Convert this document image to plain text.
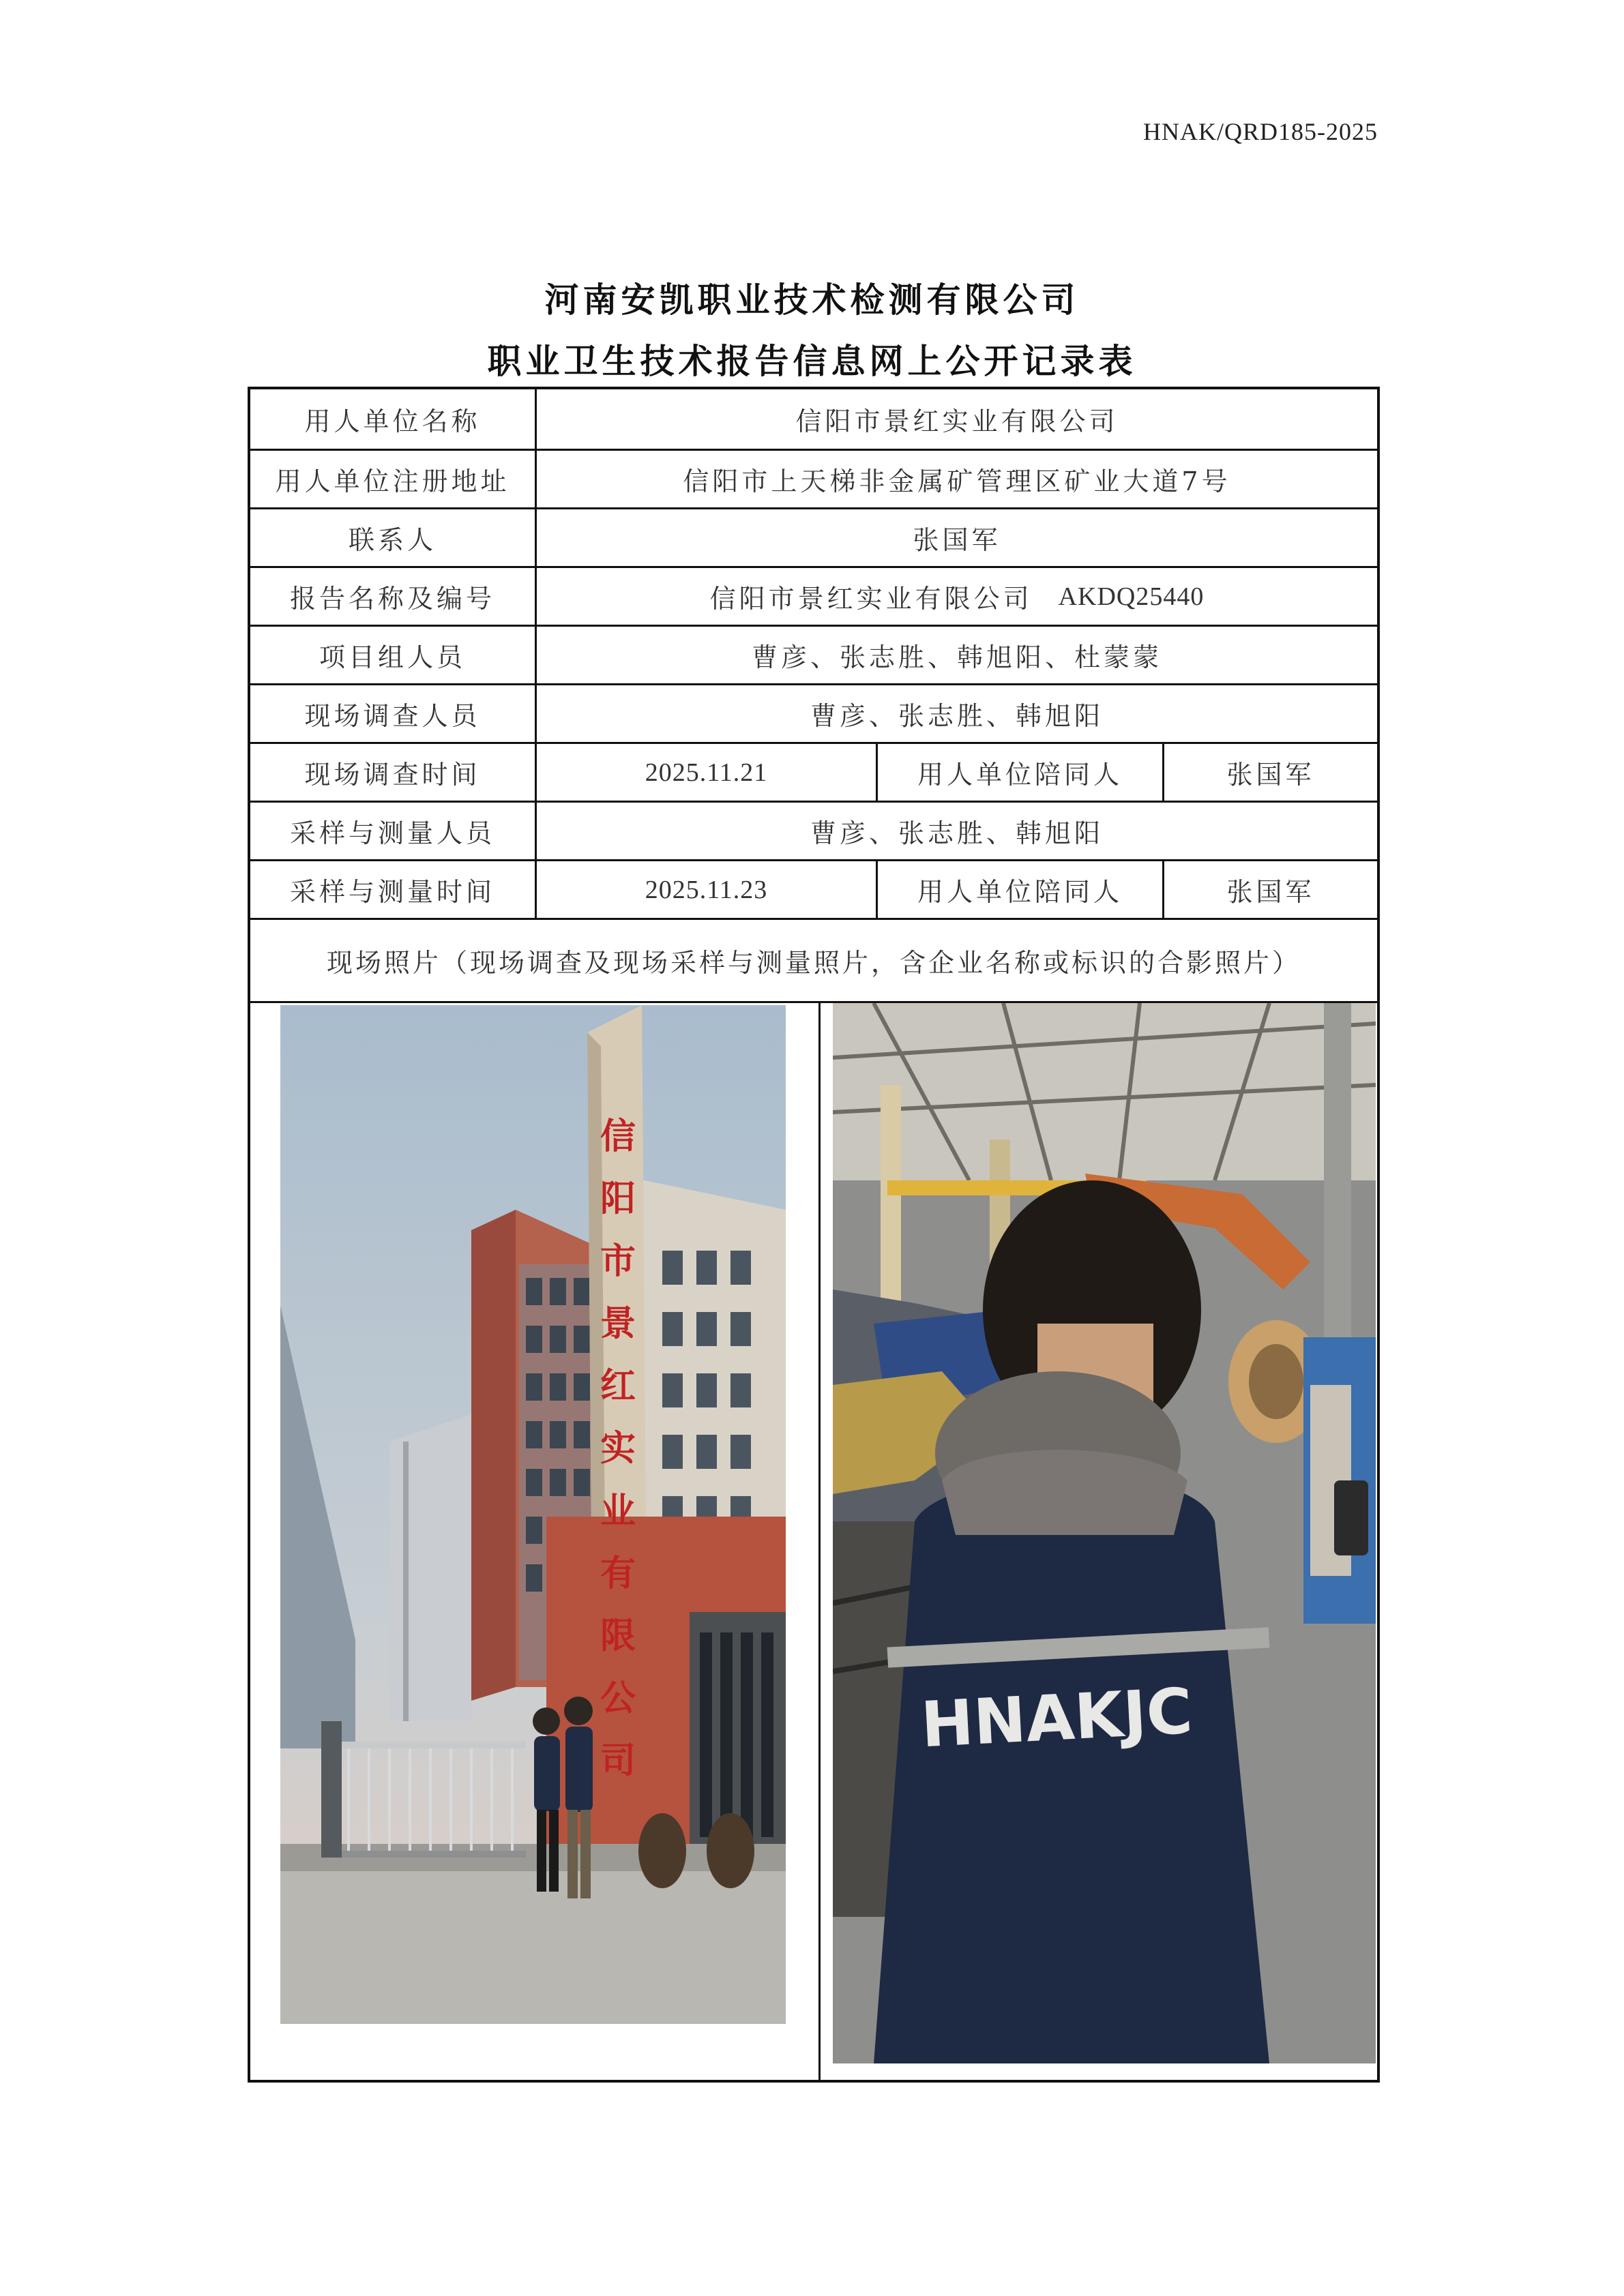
HNAK/QRD185-2025
河南安凯职业技术检测有限公司
职业卫生技术报告信息网上公开记录表
用人单位名称	信阳市景红实业有限公司
用人单位注册地址	信阳市上天梯非金属矿管理区矿业大道7号
联系人	张国军
报告名称及编号	信阳市景红实业有限公司 AKDQ25440
项目组人员	曹彦、张志胜、韩旭阳、杜蒙蒙
现场调查人员	曹彦、张志胜、韩旭阳
现场调查时间	2025.11.21	用人单位陪同人	张国军
采样与测量人员	曹彦、张志胜、韩旭阳
采样与测量时间	2025.11.23	用人单位陪同人	张国军
现场照片（现场调查及现场采样与测量照片，含企业名称或标识的合影照片）
信
阳
市
景
红
实
业
有
限
公
司	HNAKJC
